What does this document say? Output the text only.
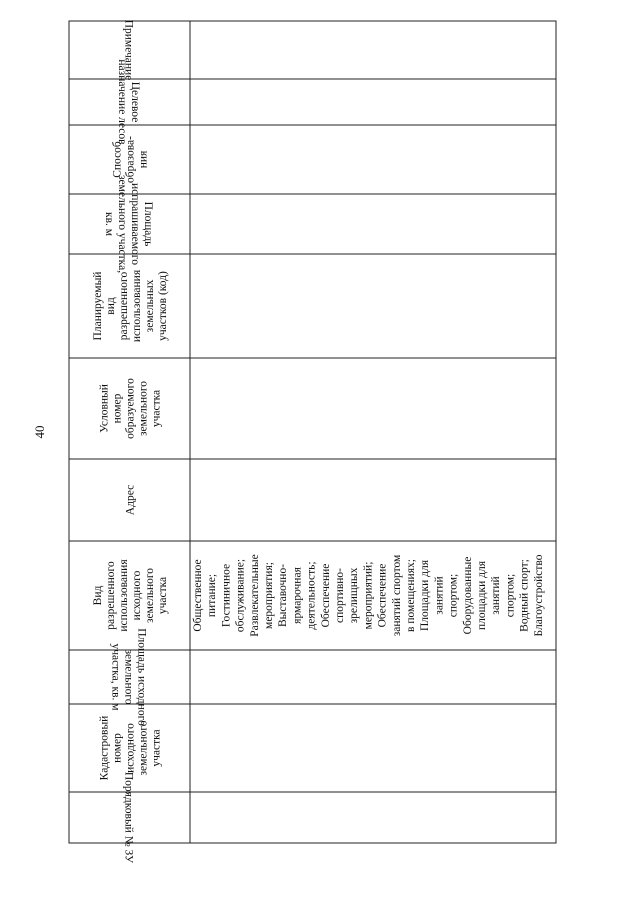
40
Порядковый № ЗУ
Кадастровый номер исходного земельного участка
Площадь исходного
земельного
участка, кв. м
Вид разрешенного использования исходного земельного участка
Адрес
Условный номер образуемого земельного участка
Планируемый вид разрешенного использования земельных участков (код)
Площадь
испрашиваемого
земельного участка,
кв. м
Способ образова- ния
Целевое
назначение лесов
Примечание
Общественное питание; Гостиничное обслуживание; Развлекательные мероприятия; Выставочно- ярмарочная деятельность; Обеспечение спортивно- зрелищных мероприятий; Обеспечение занятий спортом в помещениях; Площадки для занятий спортом; Оборудованные площадки для занятий спортом; Водный спорт; Благоустройство
